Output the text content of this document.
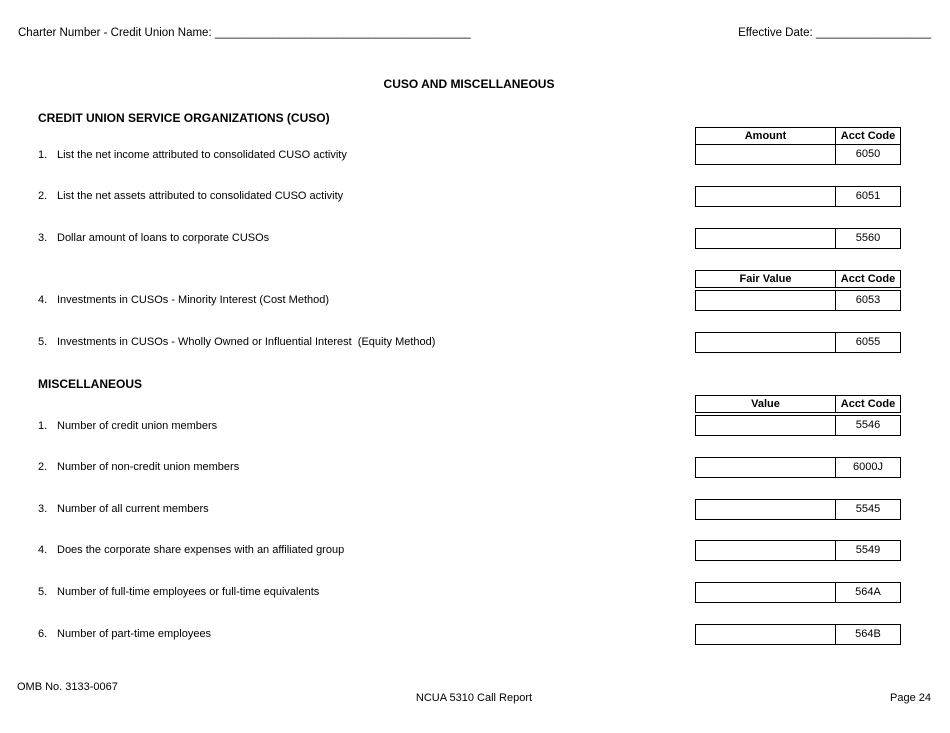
Charter Number - Credit Union Name: ________________________________________	Effective Date: __________________
CUSO AND MISCELLANEOUS
CREDIT UNION SERVICE ORGANIZATIONS (CUSO)
Amount	Acct Code
1. List the net income attributed to consolidated CUSO activity	6050
2. List the net assets attributed to consolidated CUSO activity	6051
3. Dollar amount of loans to corporate CUSOs	5560
Fair Value	Acct Code
4. Investments in CUSOs - Minority Interest (Cost Method)	6053
5. Investments in CUSOs - Wholly Owned or Influential Interest  (Equity Method)	6055
MISCELLANEOUS
Value	Acct Code
1. Number of credit union members	5546
2. Number of non-credit union members	6000J
3. Number of all current members	5545
4. Does the corporate share expenses with an affiliated group	5549
5. Number of full-time employees or full-time equivalents	564A
6. Number of part-time employees	564B
OMB No. 3133-0067
NCUA 5310 Call Report	Page 24
